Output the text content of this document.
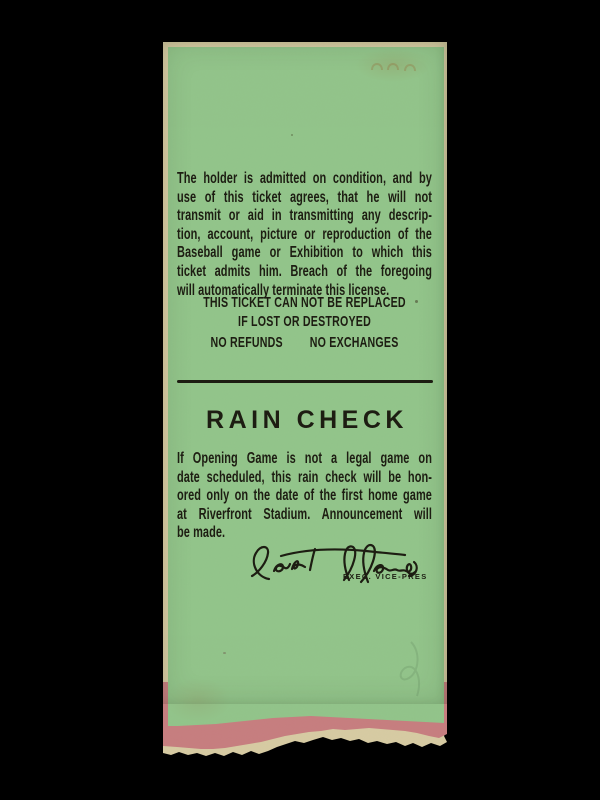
The holder is admitted on condition, and by
use of this ticket agrees, that he will not
transmit or aid in transmitting any descrip-
tion, account, picture or reproduction of the
Baseball game or Exhibition to which this
ticket admits him. Breach of the foregoing
will automatically terminate this license.
THIS TICKET CAN NOT BE REPLACED
IF LOST OR DESTROYED
NO REFUNDS NO EXCHANGES
RAIN CHECK
If Opening Game is not a legal game on
date scheduled, this rain check will be hon-
ored only on the date of the first home game
at Riverfront Stadium. Announcement will
be made.
EXEC. VICE-PRES
